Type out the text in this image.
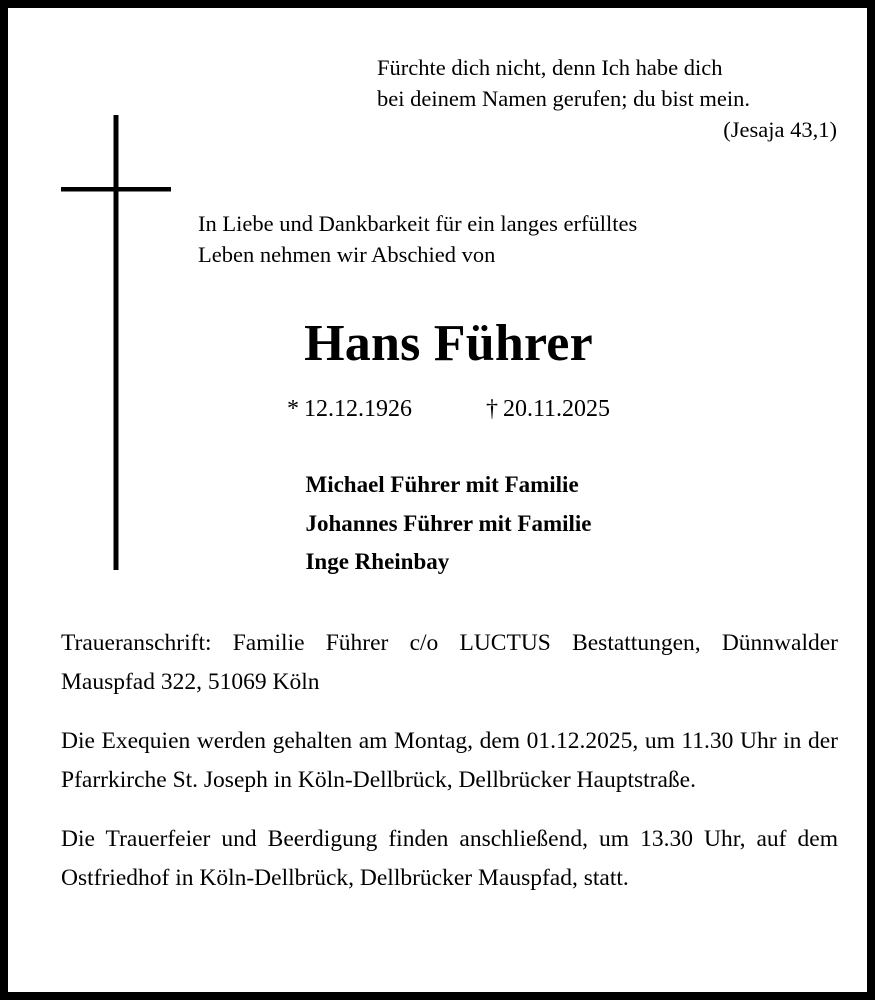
Fürchte dich nicht, denn Ich habe dich
bei deinem Namen gerufen; du bist mein.
(Jesaja 43,1)
In Liebe und Dankbarkeit für ein langes erfülltes
Leben nehmen wir Abschied von
Hans Führer
* 12.12.1926	† 20.11.2025
Michael Führer mit Familie
Johannes Führer mit Familie
Inge Rheinbay

Traueranschrift: Familie Führer c/o LUCTUS Bestattungen, Dünnwalder Mauspfad 322, 51069 Köln

Die Exequien werden gehalten am Montag, dem 01.12.2025, um 11.30 Uhr in der Pfarrkirche St. Joseph in Köln-Dellbrück, Dellbrücker Hauptstraße.

Die Trauerfeier und Beerdigung finden anschließend, um 13.30 Uhr, auf dem Ostfriedhof in Köln-Dellbrück, Dellbrücker Mauspfad, statt.
